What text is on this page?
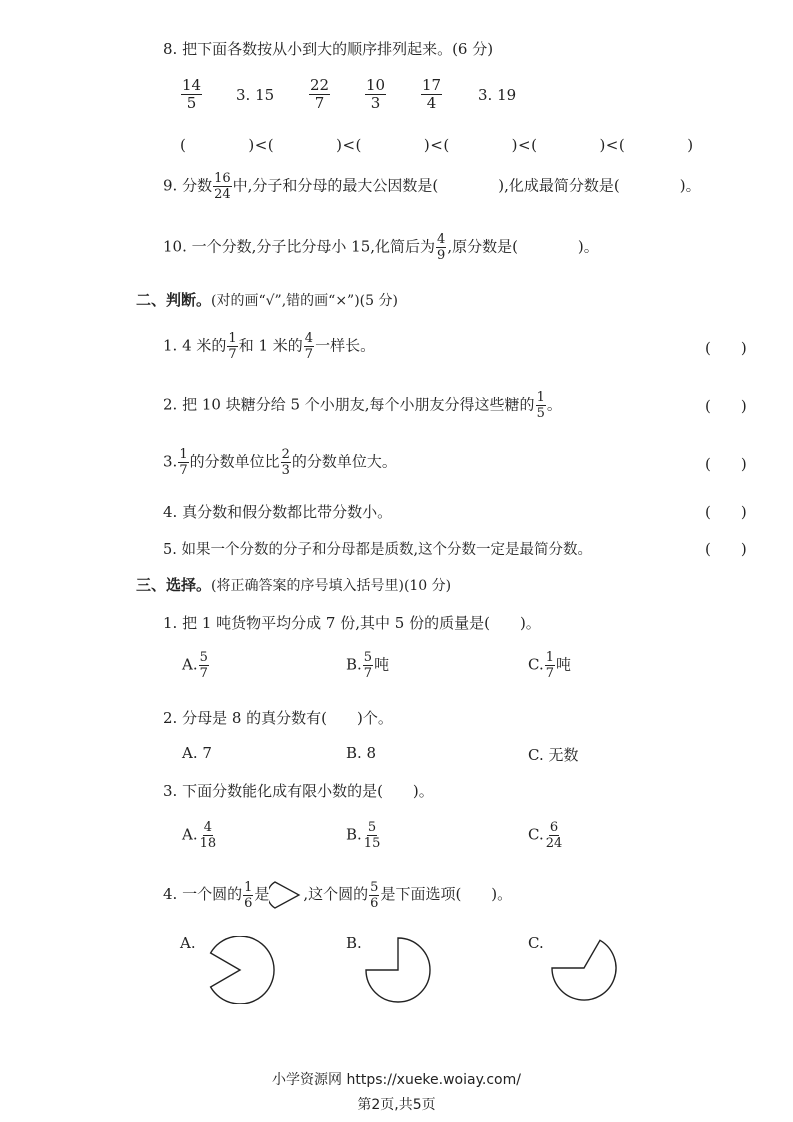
8. 把下面各数按从小到大的顺序排列起来。(6 分)
$\frac{14}{5} 3$. $15 \frac{22}{7} \frac{10}{3} \frac{17}{4} 3$. 19
(　　　　)<(　　　　)<(　　　　)<(　　　　)<(　　　　)<(　　　　)
9. 分数 $\frac{16}{24}$ 中,分子和分母的最大公因数是(　　　　),化成最简分数是(　　　　)。
10. 一个分数,分子比分母小 15,化简后为 $\frac{4}{9}$ ,原分数是(　　　　)。
二、判断。(对的画“√”,错的画“×”)(5 分)
1. 4 米的 $\frac{1}{7}$ 和 1 米的 $\frac{4}{7}$ 一样长。	(　　)
2. 把 10 块糖分给 5 个小朋友,每个小朋友分得这些糖的 $\frac{1}{5}$ 。	(　　)
3. $\frac{1}{7}$ 的分数单位比 $\frac{2}{3}$ 的分数单位大。	(　　)
4. 真分数和假分数都比带分数小。	(　　)
5. 如果一个分数的分子和分母都是质数,这个分数一定是最简分数。	(　　)
三、选择。(将正确答案的序号填入括号里)(10 分)
1. 把 1 吨货物平均分成 7 份,其中 5 份的质量是(　　)。
A. $\frac{5}{7}$	B. $\frac{5}{7}$ 吨	C. $\frac{1}{7}$ 吨
2. 分母是 8 的真分数有(　　)个。
A. 7	B. 8	C. 无数
3. 下面分数能化成有限小数的是(　　)。
A. $\frac{4}{18}$	B. $\frac{5}{15}$	C. $\frac{6}{24}$
4. 一个圆的 $\frac{1}{6}$ 是 ,这个圆的 $\frac{5}{6}$ 是下面选项(　　)。
A.	B.	C.
小学资源网 https://xueke.woiay.com/
第2页,共5页
